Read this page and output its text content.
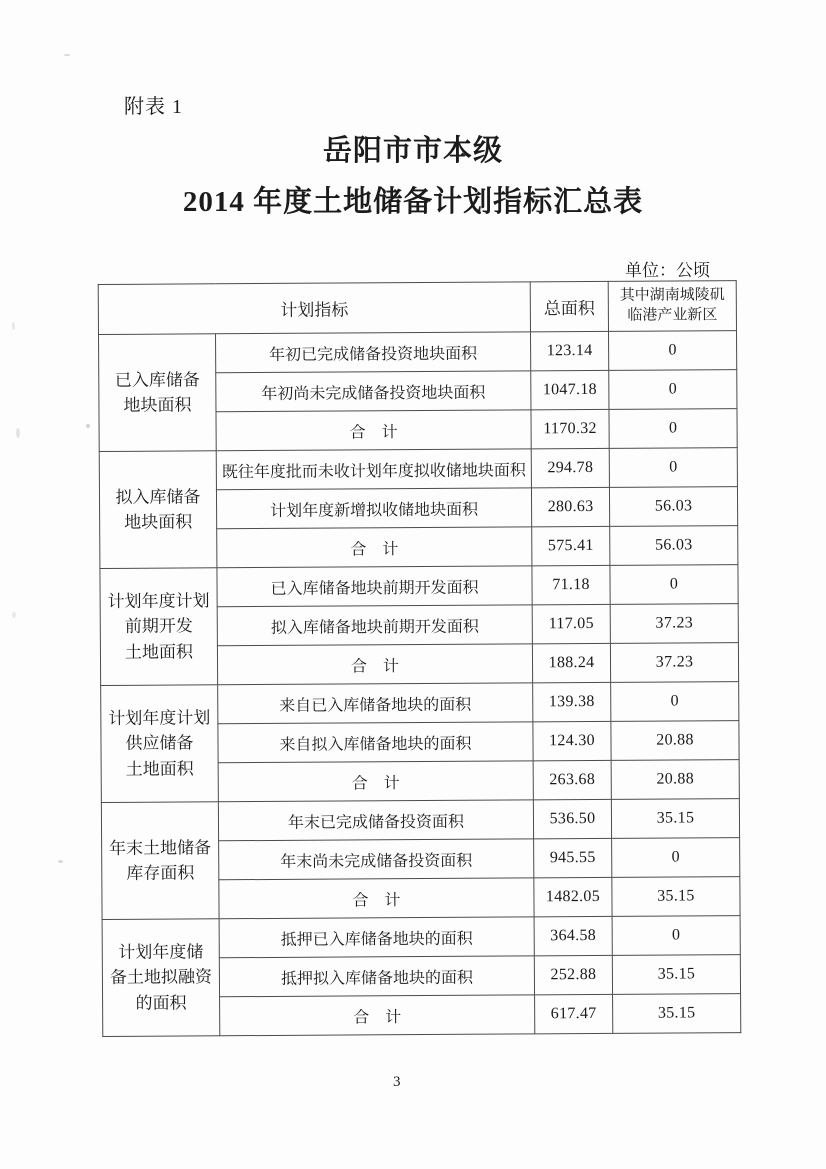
附表 1
岳阳市市本级
2014 年度土地储备计划指标汇总表
单位：公顷
计划指标		总面积	其中湖南城陵矶
临港产业新区
已入库储备
地块面积	年初已完成储备投资地块面积	123.14	0
	年初尚未完成储备投资地块面积	1047.18	0
	合　计	1170.32	0
拟入库储备
地块面积	既往年度批而未收计划年度拟收储地块面积	294.78	0
	计划年度新增拟收储地块面积	280.63	56.03
	合　计	575.41	56.03
计划年度计划
前期开发
土地面积	已入库储备地块前期开发面积	71.18	0
	拟入库储备地块前期开发面积	117.05	37.23
	合　计	188.24	37.23
计划年度计划
供应储备
土地面积	来自已入库储备地块的面积	139.38	0
	来自拟入库储备地块的面积	124.30	20.88
	合　计	263.68	20.88
年末土地储备
库存面积	年末已完成储备投资面积	536.50	35.15
	年末尚未完成储备投资面积	945.55	0
	合　计	1482.05	35.15
计划年度储
备土地拟融资
的面积	抵押已入库储备地块的面积	364.58	0
	抵押拟入库储备地块的面积	252.88	35.15
	合　计	617.47	35.15
3
